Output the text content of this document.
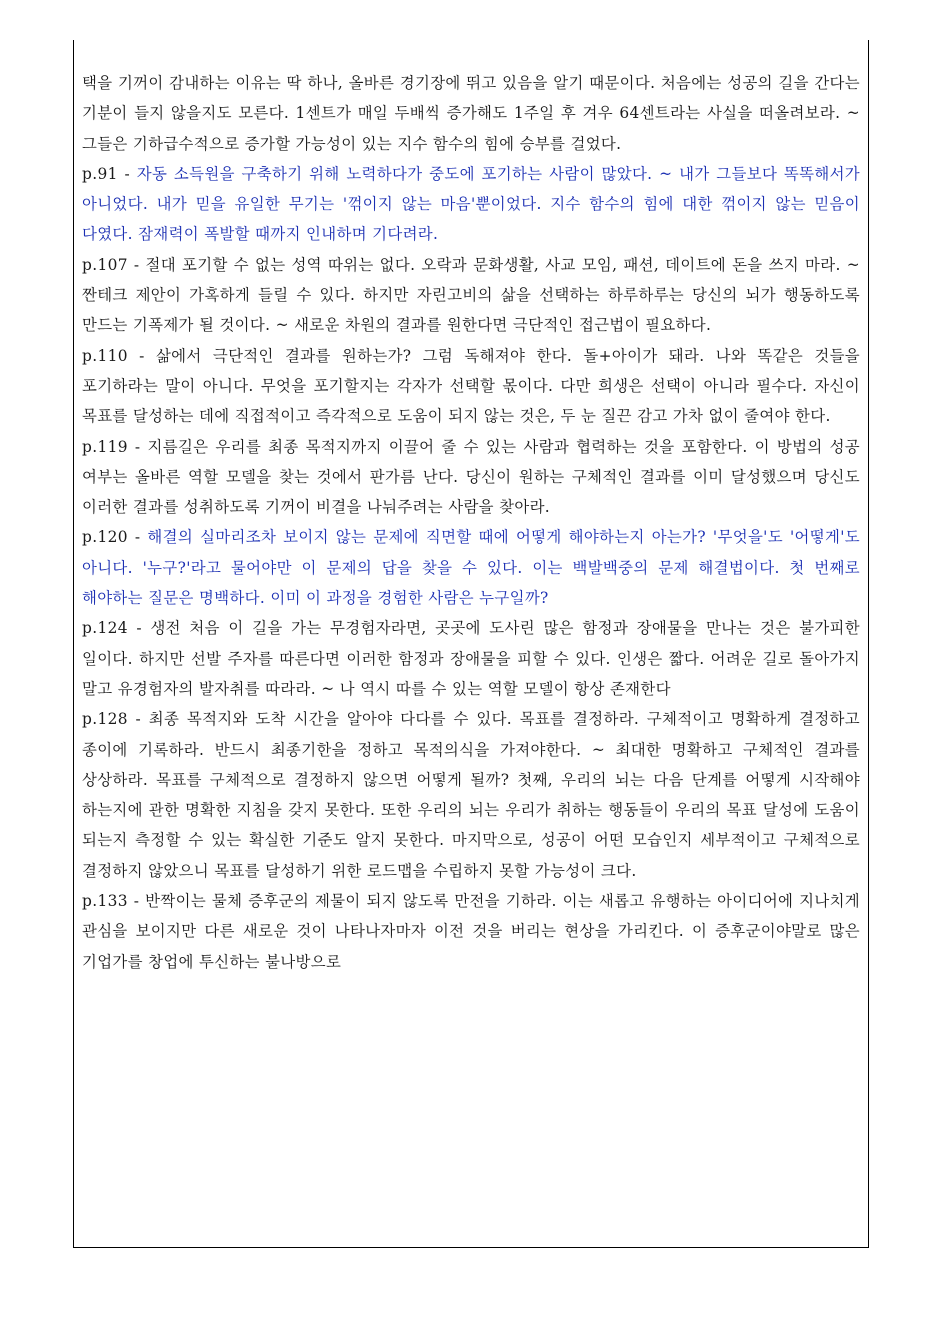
택을 기꺼이 감내하는 이유는 딱 하나, 올바른 경기장에 뛰고 있음을 알기 때문이다. 처음에는 성공의 길을 간다는 기분이 들지 않을지도 모른다. 1센트가 매일 두배씩 증가해도 1주일 후 겨우 64센트라는 사실을 떠올려보라. ~ 그들은 기하급수적으로 증가할 가능성이 있는 지수 함수의 힘에 승부를 걸었다.

p.91 - 자동 소득원을 구축하기 위해 노력하다가 중도에 포기하는 사람이 많았다. ~ 내가 그들보다 똑똑해서가 아니었다. 내가 믿을 유일한 무기는 '꺾이지 않는 마음'뿐이었다. 지수 함수의 힘에 대한 꺾이지 않는 믿음이 다였다. 잠재력이 폭발할 때까지 인내하며 기다려라.

p.107 - 절대 포기할 수 없는 성역 따위는 없다. 오락과 문화생활, 사교 모임, 패션, 데이트에 돈을 쓰지 마라. ~ 짠테크 제안이 가혹하게 들릴 수 있다. 하지만 자린고비의 삶을 선택하는 하루하루는 당신의 뇌가 행동하도록 만드는 기폭제가 될 것이다. ~ 새로운 차원의 결과를 원한다면 극단적인 접근법이 필요하다.

p.110 - 삶에서 극단적인 결과를 원하는가? 그럼 독해져야 한다. 돌+아이가 돼라. 나와 똑같은 것들을 포기하라는 말이 아니다. 무엇을 포기할지는 각자가 선택할 몫이다. 다만 희생은 선택이 아니라 필수다. 자신이 목표를 달성하는 데에 직접적이고 즉각적으로 도움이 되지 않는 것은, 두 눈 질끈 감고 가차 없이 줄여야 한다.

p.119 - 지름길은 우리를 최종 목적지까지 이끌어 줄 수 있는 사람과 협력하는 것을 포함한다. 이 방법의 성공 여부는 올바른 역할 모델을 찾는 것에서 판가름 난다. 당신이 원하는 구체적인 결과를 이미 달성했으며 당신도 이러한 결과를 성취하도록 기꺼이 비결을 나눠주려는 사람을 찾아라.

p.120 - 해결의 실마리조차 보이지 않는 문제에 직면할 때에 어떻게 해야하는지 아는가? '무엇을'도 '어떻게'도 아니다. '누구?'라고 물어야만 이 문제의 답을 찾을 수 있다. 이는 백발백중의 문제 해결법이다. 첫 번째로 해야하는 질문은 명백하다. 이미 이 과정을 경험한 사람은 누구일까?

p.124 - 생전 처음 이 길을 가는 무경험자라면, 곳곳에 도사린 많은 함정과 장애물을 만나는 것은 불가피한 일이다. 하지만 선발 주자를 따른다면 이러한 함정과 장애물을 피할 수 있다. 인생은 짧다. 어려운 길로 돌아가지 말고 유경험자의 발자취를 따라라. ~ 나 역시 따를 수 있는 역할 모델이 항상 존재한다

p.128 - 최종 목적지와 도착 시간을 알아야 다다를 수 있다. 목표를 결정하라. 구체적이고 명확하게 결정하고 종이에 기록하라. 반드시 최종기한을 정하고 목적의식을 가져야한다. ~ 최대한 명확하고 구체적인 결과를 상상하라. 목표를 구체적으로 결정하지 않으면 어떻게 될까? 첫째, 우리의 뇌는 다음 단계를 어떻게 시작해야 하는지에 관한 명확한 지침을 갖지 못한다. 또한 우리의 뇌는 우리가 취하는 행동들이 우리의 목표 달성에 도움이 되는지 측정할 수 있는 확실한 기준도 알지 못한다. 마지막으로, 성공이 어떤 모습인지 세부적이고 구체적으로 결정하지 않았으니 목표를 달성하기 위한 로드맵을 수립하지 못할 가능성이 크다.

p.133 - 반짝이는 물체 증후군의 제물이 되지 않도록 만전을 기하라. 이는 새롭고 유행하는 아이디어에 지나치게 관심을 보이지만 다른 새로운 것이 나타나자마자 이전 것을 버리는 현상을 가리킨다. 이 증후군이야말로 많은 기업가를 창업에 투신하는 불나방으로
